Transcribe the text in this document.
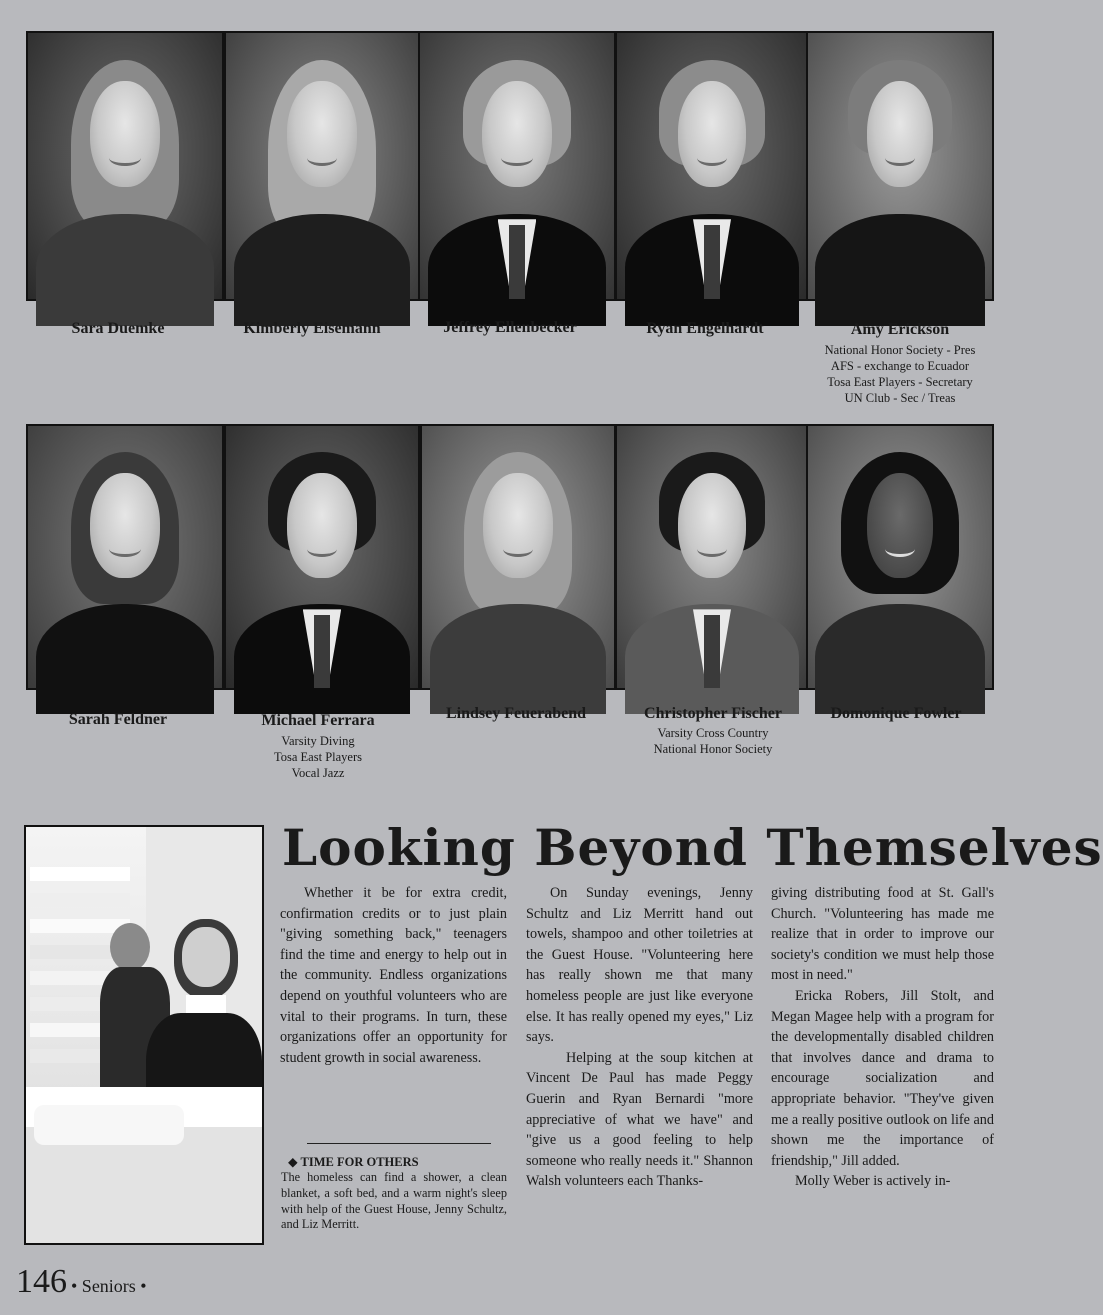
Sara Duemke	Kimberly Eisemann	Jeffrey Ellenbecker	Ryan Engelhardt	Amy Erickson
National Honor Society - Pres
AFS - exchange to Ecuador
Tosa East Players - Secretary
UN Club - Sec / Treas
Sarah Feldner	Michael Ferrara
Varsity Diving
Tosa East Players
Vocal Jazz
Lindsey Feuerabend	Christopher Fischer
Varsity Cross Country
National Honor Society
Domonique Fowler
Looking Beyond Themselves

Whether it be for extra credit, confirmation credits or to just plain "giving something back," teenagers find the time and energy to help out in the community. Endless organizations depend on youthful volunteers who are vital to their programs. In turn, these organizations offer an opportunity for student growth in social awareness.

◆ TIME FOR OTHERS
The homeless can find a shower, a clean blanket, a soft bed, and a warm night's sleep with help of the Guest House, Jenny Schultz, and Liz Merritt.

On Sunday evenings, Jenny Schultz and Liz Merritt hand out towels, shampoo and other toiletries at the Guest House. "Volunteering here has really shown me that many homeless people are just like everyone else. It has really opened my eyes," Liz says.

Helping at the soup kitchen at Vincent De Paul has made Peggy Guerin and Ryan Bernardi "more appreciative of what we have" and "give us a good feeling to help someone who really needs it." Shannon Walsh volunteers each Thanks-

giving distributing food at St. Gall's Church. "Volunteering has made me realize that in order to improve our society's condition we must help those most in need."

Ericka Robers, Jill Stolt, and Megan Magee help with a program for the developmentally disabled children that involves dance and drama to encourage socialization and appropriate behavior. "They've given me a really positive outlook on life and shown me the importance of friendship," Jill added.

Molly Weber is actively in-

146 • Seniors •
